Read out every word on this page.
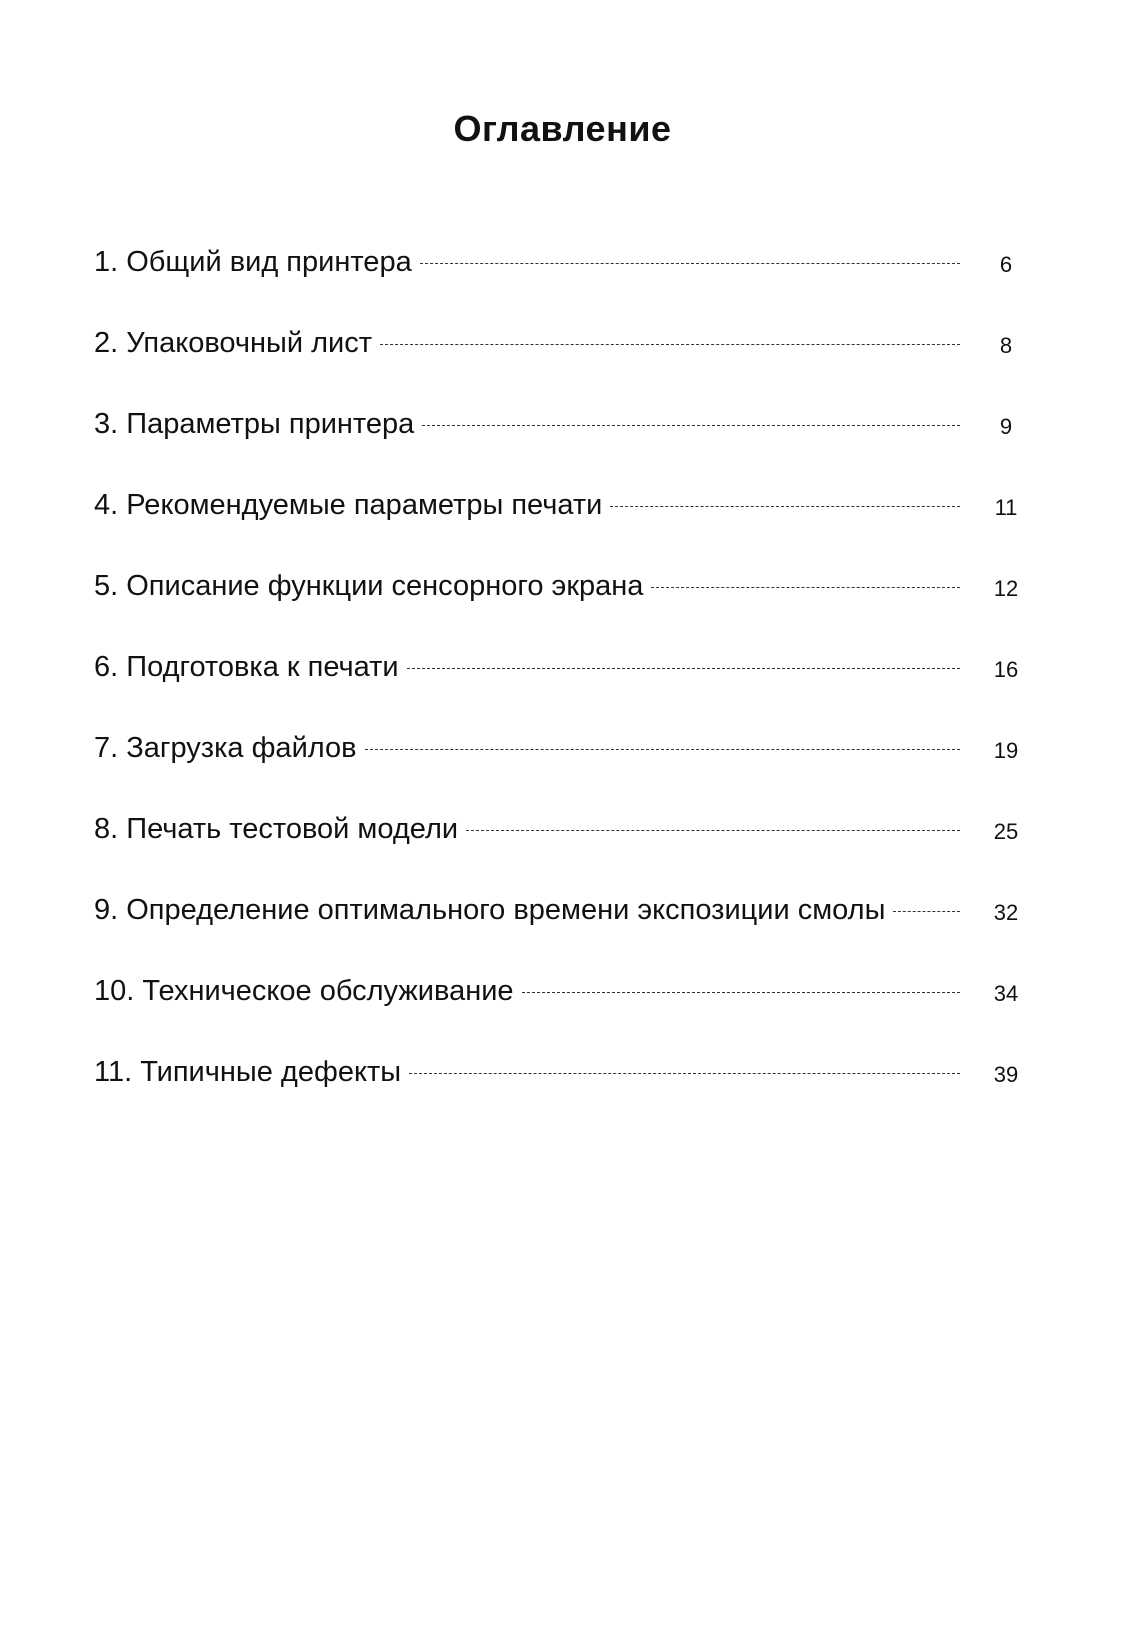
Оглавление
1. Общий вид принтера	6
2. Упаковочный лист	8
3. Параметры принтера	9
4. Рекомендуемые параметры печати	11
5. Описание функции сенсорного экрана	12
6. Подготовка к печати	16
7. Загрузка файлов	19
8. Печать тестовой модели	25
9. Определение оптимального времени экспозиции смолы	32
10. Техническое обслуживание	34
11. Типичные дефекты	39
